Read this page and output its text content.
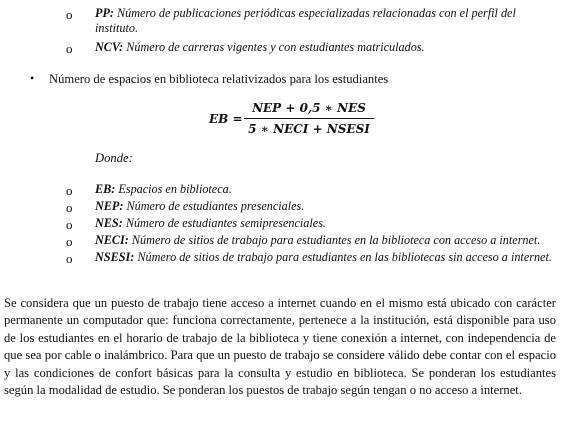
o PP: Número de publicaciones periódicas especializadas relacionadas con el perfil del instituto.
o NCV: Número de carreras vigentes y con estudiantes matriculados.
• Número de espacios en biblioteca relativizados para los estudiantes
EB =
NEP + 0,5 ∗ NES
5 ∗ NECI + NSESI
Donde:
o EB: Espacios en biblioteca.
o NEP: Número de estudiantes presenciales.
o NES: Número de estudiantes semipresenciales.
o NECI: Número de sitios de trabajo para estudiantes en la biblioteca con acceso a internet.
o NSESI: Número de sitios de trabajo para estudiantes en las bibliotecas sin acceso a internet.

Se considera que un puesto de trabajo tiene acceso a internet cuando en el mismo está ubicado con carácter permanente un computador que: funciona correctamente, pertenece a la institución, está disponible para uso de los estudiantes en el horario de trabajo de la biblioteca y tiene conexión a internet, con independencia de que sea por cable o inalámbrico. Para que un puesto de trabajo se considere válido debe contar con el espacio y las condiciones de confort básicas para la consulta y estudio en biblioteca. Se ponderan los estudiantes según la modalidad de estudio. Se ponderan los puestos de trabajo según tengan o no acceso a internet.
